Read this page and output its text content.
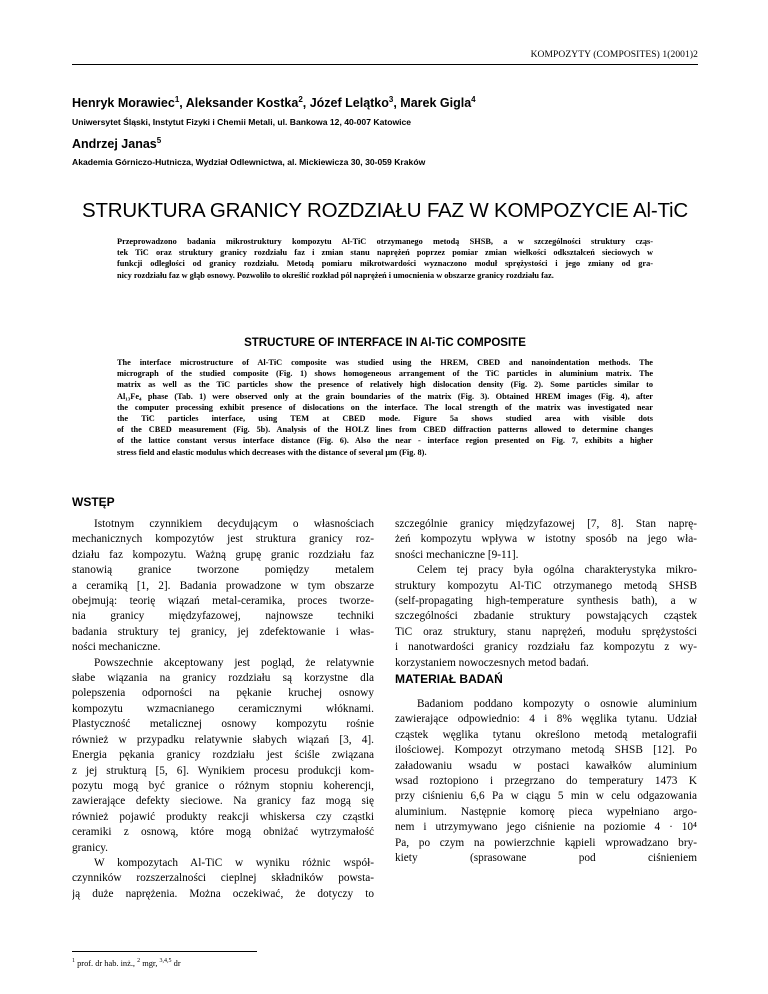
KOMPOZYTY (COMPOSITES) 1(2001)2
Henryk Morawiec$^1$, Aleksander Kostka$^2$, Józef Lelątko$^3$, Marek Gigla$^4$
Uniwersytet Śląski, Instytut Fizyki i Chemii Metali, ul. Bankowa 12, 40-007 Katowice
Andrzej Janas$^5$
Akademia Górniczo-Hutnicza, Wydział Odlewnictwa, al. Mickiewicza 30, 30-059 Kraków
STRUKTURA GRANICY ROZDZIAŁU FAZ W KOMPOZYCIE Al-TiC
Przeprowadzono badania mikrostruktury kompozytu Al-TiC otrzymanego metodą SHSB, a w szczególności struktury cząs-
tek TiC oraz struktury granicy rozdziału faz i zmian stanu naprężeń poprzez pomiar zmian wielkości odkształceń sieciowych w
funkcji odległości od granicy rozdziału. Metodą pomiaru mikrotwardości wyznaczono moduł sprężystości i jego zmiany od gra-
nicy rozdziału faz w głąb osnowy. Pozwoliło to określić rozkład pól naprężeń i umocnienia w obszarze granicy rozdziału faz.
STRUCTURE OF INTERFACE IN Al-TiC COMPOSITE
The interface microstructure of Al-TiC composite was studied using the HREM, CBED and nanoindentation methods. The
micrograph of the studied composite (Fig. 1) shows homogeneous arrangement of the TiC particles in aluminium matrix. The
matrix as well as the TiC particles show the presence of relatively high dislocation density (Fig. 2). Some particles similar to
Al₁₃Fe₄ phase (Tab. 1) were observed only at the grain boundaries of the matrix (Fig. 3). Obtained HREM images (Fig. 4), after
the computer processing exhibit presence of dislocations on the interface. The local strength of the matrix was investigated near
the TiC particles interface, using TEM at CBED mode. Figure 5a shows studied area with visible dots
of the CBED measurement (Fig. 5b). Analysis of the HOLZ lines from CBED diffraction patterns allowed to determine changes
of the lattice constant versus interface distance (Fig. 6). Also the near - interface region presented on Fig. 7, exhibits a higher
stress field and elastic modulus which decreases with the distance of several μm (Fig. 8).
WSTĘP
Istotnym czynnikiem decydującym o własnościach
mechanicznych kompozytów jest struktura granicy roz-
działu faz kompozytu. Ważną grupę granic rozdziału faz
stanowią granice tworzone pomiędzy metalem
a ceramiką [1, 2]. Badania prowadzone w tym obszarze
obejmują: teorię wiązań metal-ceramika, proces tworze-
nia granicy międzyfazowej, najnowsze techniki
badania struktury tej granicy, jej zdefektowanie i włas-
ności mechaniczne.
Powszechnie akceptowany jest pogląd, że relatywnie
słabe wiązania na granicy rozdziału są korzystne dla
polepszenia odporności na pękanie kruchej osnowy
kompozytu wzmacnianego ceramicznymi włóknami.
Plastyczność metalicznej osnowy kompozytu rośnie
również w przypadku relatywnie słabych wiązań [3, 4].
Energia pękania granicy rozdziału jest ściśle związana
z jej strukturą [5, 6]. Wynikiem procesu produkcji kom-
pozytu mogą być granice o różnym stopniu koherencji,
zawierające defekty sieciowe. Na granicy faz mogą się
również pojawić produkty reakcji whiskersa czy cząstki
ceramiki z osnową, które mogą obniżać wytrzymałość
granicy.
W kompozytach Al-TiC w wyniku różnic współ-
czynników rozszerzalności cieplnej składników powsta-
ją duże naprężenia. Można oczekiwać, że dotyczy to
szczególnie granicy międzyfazowej [7, 8]. Stan naprę-
żeń kompozytu wpływa w istotny sposób na jego wła-
sności mechaniczne [9-11].
Celem tej pracy była ogólna charakterystyka mikro-
struktury kompozytu Al-TiC otrzymanego metodą SHSB
(self-propagating high-temperature synthesis bath), a w
szczególności zbadanie struktury powstających cząstek
TiC oraz struktury, stanu naprężeń, modułu sprężystości
i nanotwardości granicy rozdziału faz kompozytu z wy-
korzystaniem nowoczesnych metod badań.
MATERIAŁ BADAŃ
Badaniom poddano kompozyty o osnowie aluminium
zawierające odpowiednio: 4 i 8% węglika tytanu. Udział
cząstek węglika tytanu określono metodą metalografii
ilościowej. Kompozyt otrzymano metodą SHSB [12]. Po
załadowaniu wsadu w postaci kawałków aluminium
wsad roztopiono i przegrzano do temperatury 1473 K
przy ciśnieniu 6,6 Pa w ciągu 5 min w celu odgazowania
aluminium. Następnie komorę pieca wypełniano argo-
nem i utrzymywano jego ciśnienie na poziomie 4 · 10⁴
Pa, po czym na powierzchnie kąpieli wprowadzano bry-
kiety (sprasowane pod ciśnieniem
$^1$ prof. dr hab. inż., $^2$ mgr, $^{3,4,5}$ dr
